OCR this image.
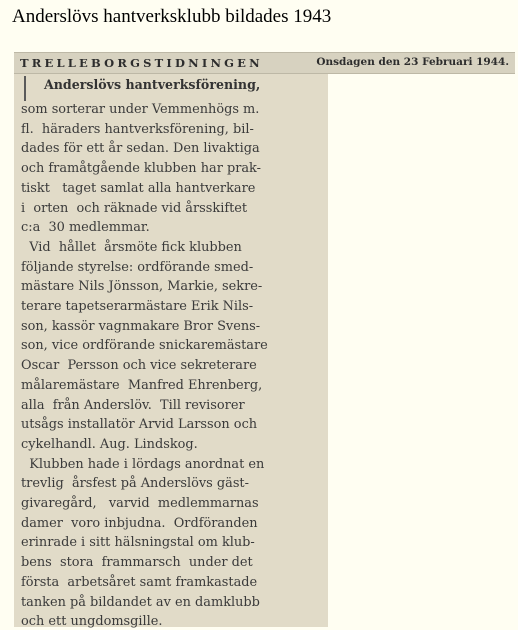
Anderslövs hantverksklubb bildades 1943
TRELLEBORGSTIDNINGEN	Onsdagen den 23 Februari 1944.
Anderslövs hantverksförening,
som sorterar under Vemmenhögs m.
fl.  häraders hantverksförening, bil-
dades för ett år sedan. Den livaktiga
och framåtgående klubben har prak-
tiskt   taget samlat alla hantverkare
i  orten  och räknade vid årsskiftet
c:a  30 medlemmar.
Vid  hållet  årsmöte fick klubben
följande styrelse: ordförande smed-
mästare Nils Jönsson, Markie, sekre-
terare tapetserarmästare Erik Nils-
son, kassör vagnmakare Bror Svens-
son, vice ordförande snickaremästare
Oscar  Persson och vice sekreterare
målaremästare  Manfred Ehrenberg,
alla  från Anderslöv.  Till revisorer
utsågs installatör Arvid Larsson och
cykelhandl. Aug. Lindskog.
Klubben hade i lördags anordnat en
trevlig  årsfest på Anderslövs gäst-
givaregård,   varvid  medlemmarnas
damer  voro inbjudna.  Ordföranden
erinrade i sitt hälsningstal om klub-
bens  stora  frammarsch  under det
första  arbetsåret samt framkastade
tanken på bildandet av en damklubb
och ett ungdomsgille.
